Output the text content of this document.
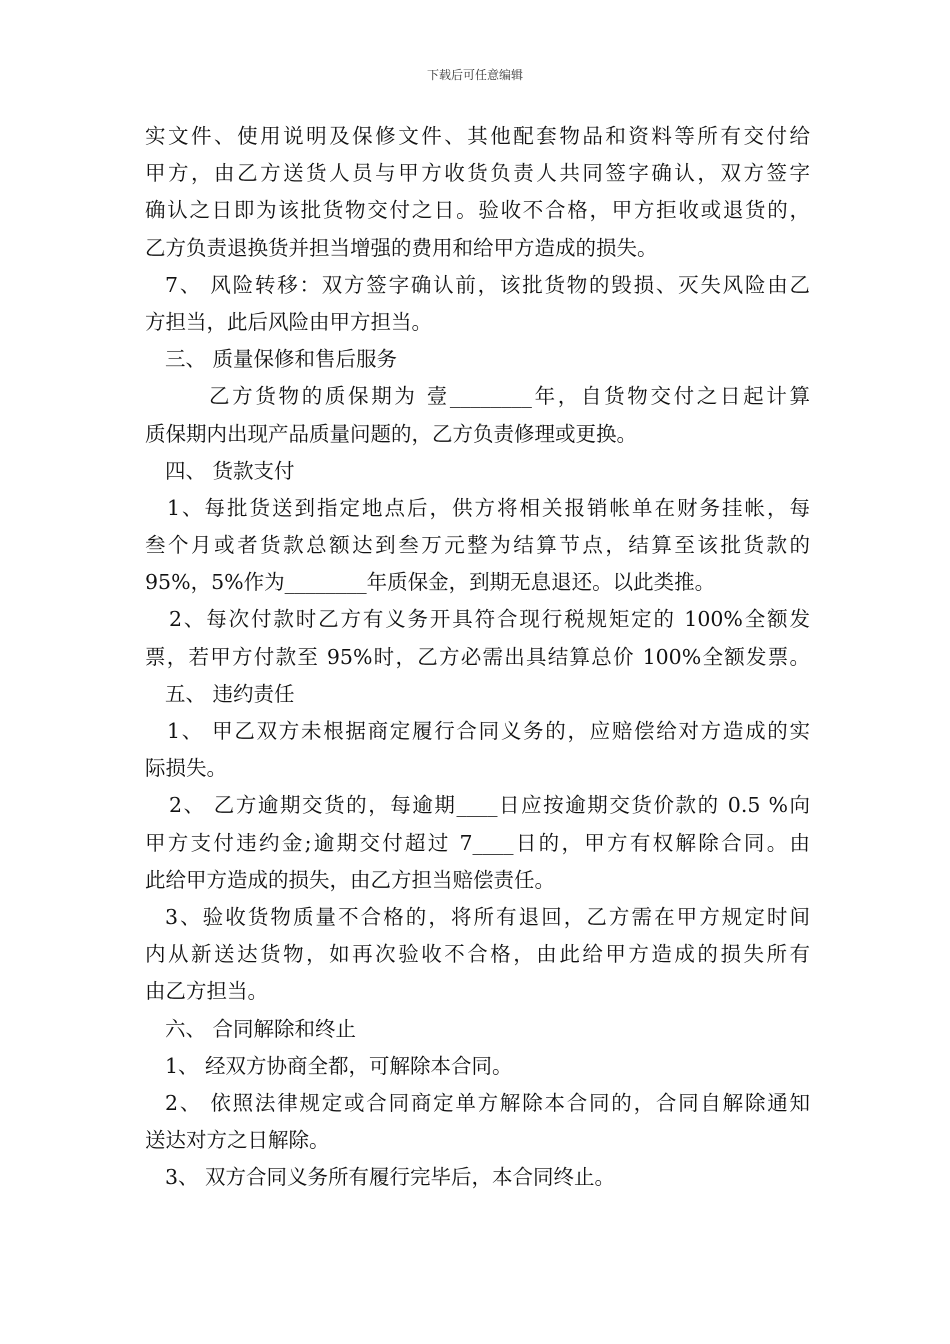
下载后可任意编辑
实文件、使用说明及保修文件、其他配套物品和资料等所有交付给
甲方，由乙方送货人员与甲方收货负责人共同签字确认，双方签字
确认之日即为该批货物交付之日。验收不合格，甲方拒收或退货的，
乙方负责退换货并担当增强的费用和给甲方造成的损失。
7、 风险转移：双方签字确认前，该批货物的毁损、灭失风险由乙
方担当，此后风险由甲方担当。
三、 质量保修和售后服务
乙方货物的质保期为 壹________年，自货物交付之日起计算
质保期内出现产品质量问题的，乙方负责修理或更换。
四、 货款支付
1、每批货送到指定地点后，供方将相关报销帐单在财务挂帐，每
叁个月或者货款总额达到叁万元整为结算节点，结算至该批货款的
95%，5%作为________年质保金，到期无息退还。以此类推。
2、每次付款时乙方有义务开具符合现行税规矩定的 100%全额发
票，若甲方付款至 95%时，乙方必需出具结算总价 100%全额发票。
五、 违约责任
1、 甲乙双方未根据商定履行合同义务的，应赔偿给对方造成的实
际损失。
2、 乙方逾期交货的，每逾期____日应按逾期交货价款的 0.5 %向
甲方支付违约金;逾期交付超过 7____日的，甲方有权解除合同。由
此给甲方造成的损失，由乙方担当赔偿责任。
3、验收货物质量不合格的，将所有退回，乙方需在甲方规定时间
内从新送达货物，如再次验收不合格，由此给甲方造成的损失所有
由乙方担当。
六、 合同解除和终止
1、 经双方协商全都，可解除本合同。
2、 依照法律规定或合同商定单方解除本合同的，合同自解除通知
送达对方之日解除。
3、 双方合同义务所有履行完毕后，本合同终止。
